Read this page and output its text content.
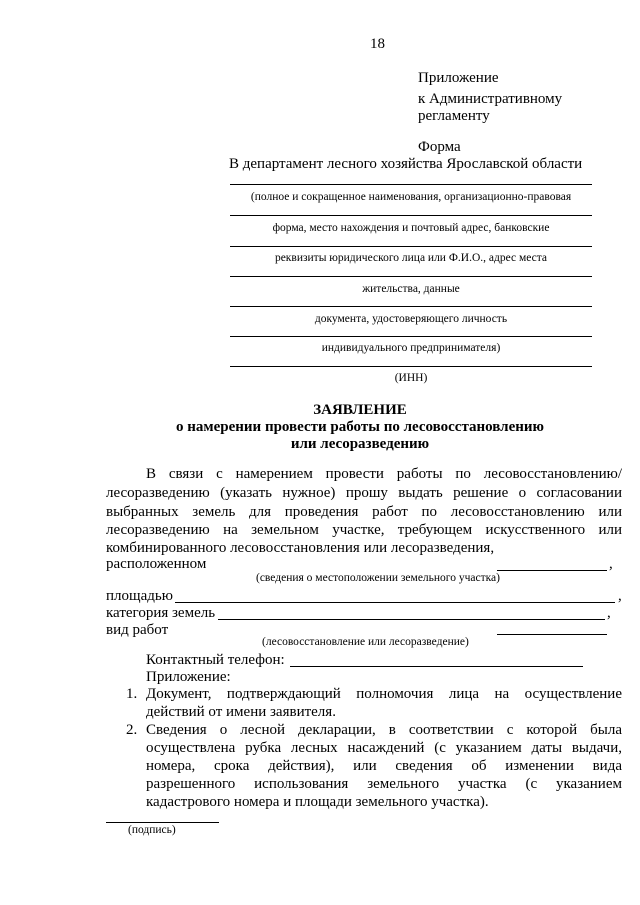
18
Приложение
к Административному
регламенту
Форма
В департамент лесного хозяйства Ярославской области
(полное и сокращенное наименования, организационно-правовая
форма, место нахождения и почтовый адрес, банковские
реквизиты юридического лица или Ф.И.О., адрес места
жительства, данные
документа, удостоверяющего личность
индивидуального предпринимателя)
(ИНН)
ЗАЯВЛЕНИЕ
о намерении провести работы по лесовосстановлению
или лесоразведению
В связи с намерением провести работы по лесовосстановлению/
лесоразведению (указать нужное) прошу выдать решение о согласовании
выбранных земель для проведения работ по лесовосстановлению или
лесоразведению на земельном участке, требующем искусственного или
комбинированного лесовосстановления или лесоразведения,
расположенном	,
(сведения о местоположении земельного участка)
площадью	,
категория земель	,
вид работ
(лесовосстановление или лесоразведение)
Контактный телефон:
Приложение:
1. Документ, подтверждающий полномочия лица на осуществление
действий от имени заявителя.
2. Сведения о лесной декларации, в соответствии с которой была
осуществлена рубка лесных насаждений (с указанием даты выдачи,
номера, срока действия), или сведения об изменении вида
разрешенного использования земельного участка (с указанием
кадастрового номера и площади земельного участка).
(подпись)
